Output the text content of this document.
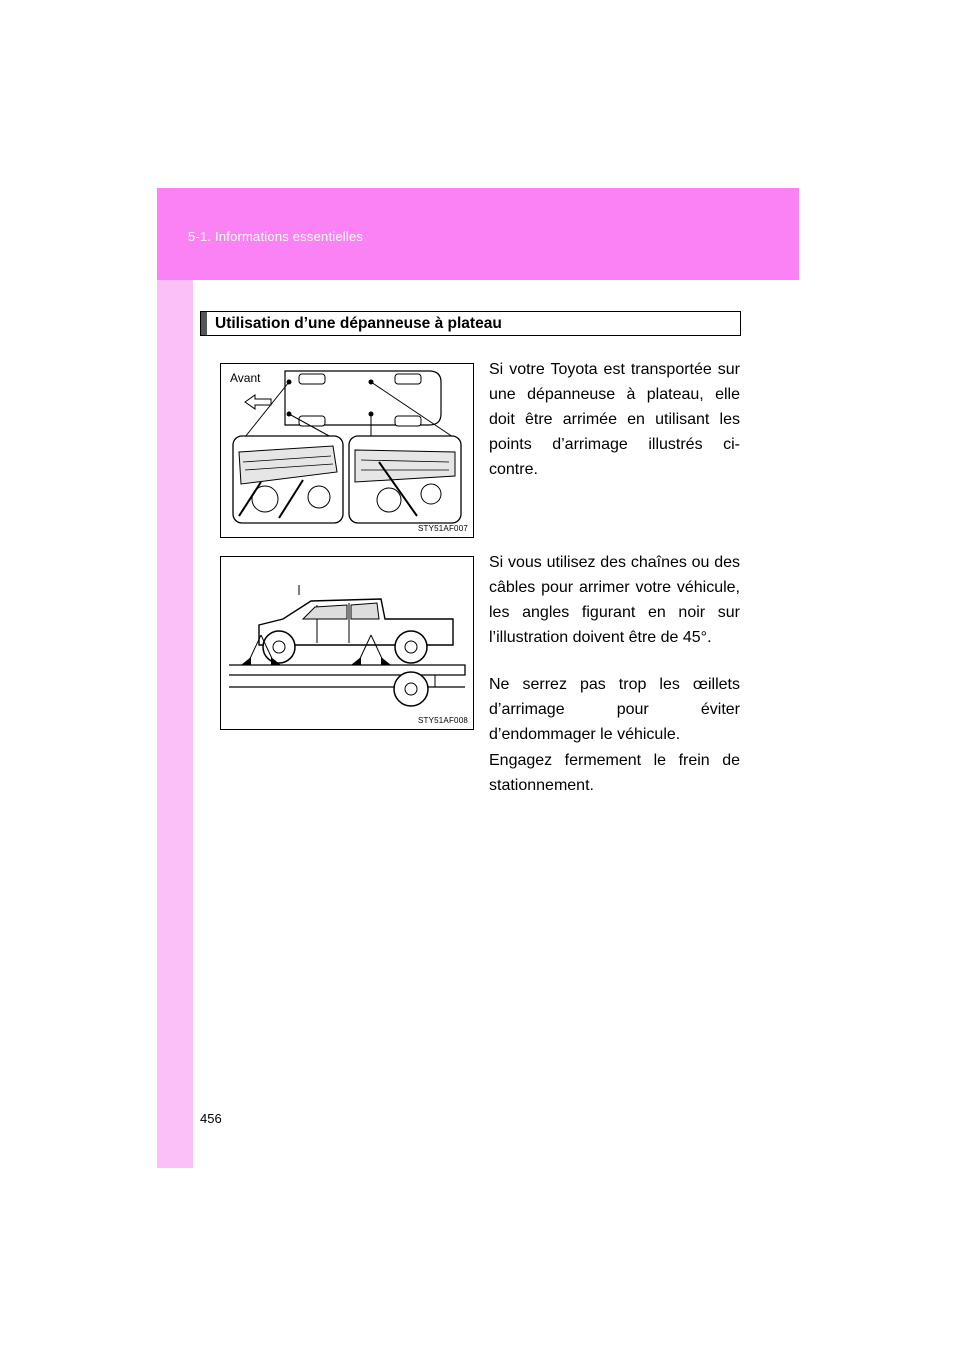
5-1. Informations essentielles
Utilisation d’une dépanneuse à plateau
Avant
STY51AF007
STY51AF008

Si votre Toyota est transportée sur une dépanneuse à plateau, elle doit être arrimée en utilisant les points d’arrimage illustrés ci-contre.

Si vous utilisez des chaînes ou des câbles pour arrimer votre véhicule, les angles figurant en noir sur l’illustration doivent être de 45°.

Ne serrez pas trop les œillets d’arrimage pour éviter d’endommager le véhicule.

Engagez fermement le frein de stationnement.

456
